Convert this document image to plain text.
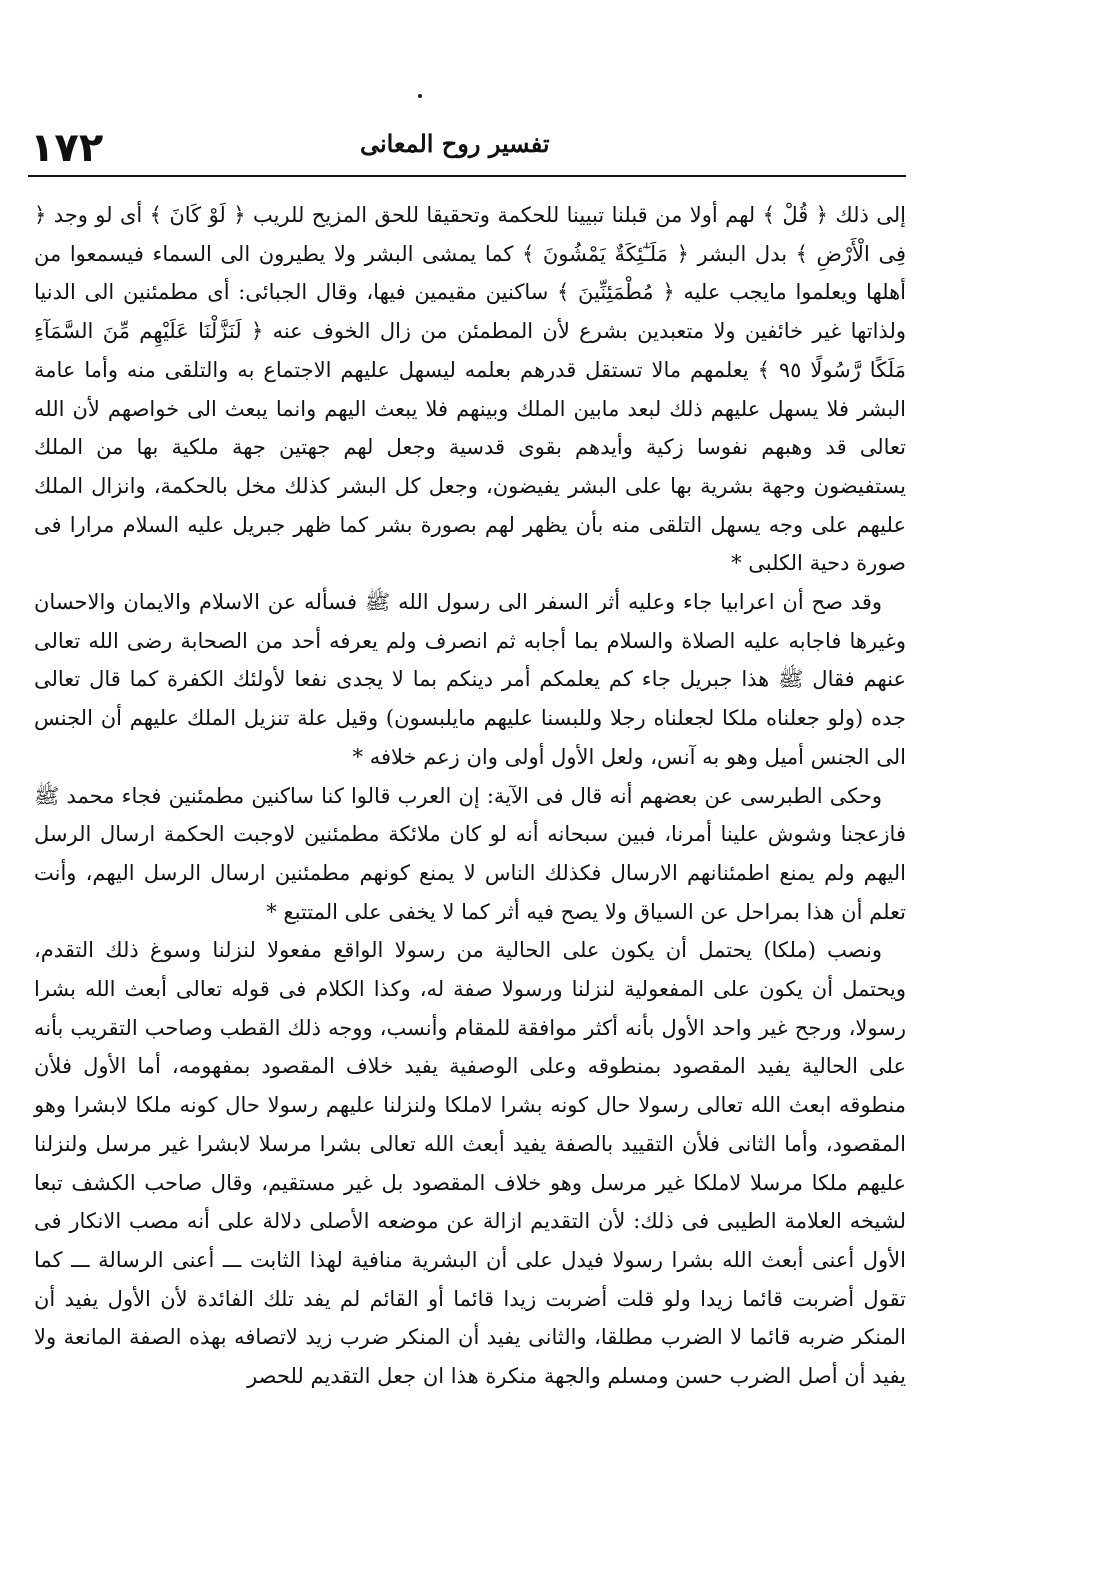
١٧٢	تفسير روح المعانى

إلى ذلك ﴿ قُلْ ﴾ لهم أولا من قبلنا تبيينا للحكمة وتحقيقا للحق المزيح للريب ﴿ لَوْ كَانَ ﴾ أى لو وجد ﴿ فِى الْأَرْضِ ﴾ بدل البشر ﴿ مَلَـٰٓئِكَةٌ يَمْشُونَ ﴾ كما يمشى البشر ولا يطيرون الى السماء فيسمعوا من أهلها ويعلموا مايجب عليه ﴿ مُطْمَئِنِّينَ ﴾ ساكنين مقيمين فيها، وقال الجبائى: أى مطمئنين الى الدنيا ولذاتها غير خائفين ولا متعبدين بشرع لأن المطمئن من زال الخوف عنه ﴿ لَنَزَّلْنَا عَلَيْهِم مِّنَ السَّمَآءِ مَلَكًا رَّسُولًا ٩٥ ﴾ يعلمهم مالا تستقل قدرهم بعلمه ليسهل عليهم الاجتماع به والتلقى منه وأما عامة البشر فلا يسهل عليهم ذلك لبعد مابين الملك وبينهم فلا يبعث اليهم وانما يبعث الى خواصهم لأن الله تعالى قد وهبهم نفوسا زكية وأيدهم بقوى قدسية وجعل لهم جهتين جهة ملكية بها من الملك يستفيضون وجهة بشرية بها على البشر يفيضون، وجعل كل البشر كذلك مخل بالحكمة، وانزال الملك عليهم على وجه يسهل التلقى منه بأن يظهر لهم بصورة بشر كما ظهر جبريل عليه السلام مرارا فى صورة دحية الكلبى *

وقد صح أن اعرابيا جاء وعليه أثر السفر الى رسول الله ﷺ فسأله عن الاسلام والايمان والاحسان وغيرها فاجابه عليه الصلاة والسلام بما أجابه ثم انصرف ولم يعرفه أحد من الصحابة رضى الله تعالى عنهم فقال ﷺ هذا جبريل جاء كم يعلمكم أمر دينكم بما لا يجدى نفعا لأولئك الكفرة كما قال تعالى جده (ولو جعلناه ملكا لجعلناه رجلا وللبسنا عليهم مايلبسون) وقيل علة تنزيل الملك عليهم أن الجنس الى الجنس أميل وهو به آنس، ولعل الأول أولى وان زعم خلافه *

وحكى الطبرسى عن بعضهم أنه قال فى الآية: إن العرب قالوا كنا ساكنين مطمئنين فجاء محمد ﷺ فازعجنا وشوش علينا أمرنا، فبين سبحانه أنه لو كان ملائكة مطمئنين لاوجبت الحكمة ارسال الرسل اليهم ولم يمنع اطمئنانهم الارسال فكذلك الناس لا يمنع كونهم مطمئنين ارسال الرسل اليهم، وأنت تعلم أن هذا بمراحل عن السياق ولا يصح فيه أثر كما لا يخفى على المتتبع *

ونصب (ملكا) يحتمل أن يكون على الحالية من رسولا الواقع مفعولا لنزلنا وسوغ ذلك التقدم، ويحتمل أن يكون على المفعولية لنزلنا ورسولا صفة له، وكذا الكلام فى قوله تعالى أبعث الله بشرا رسولا، ورجح غير واحد الأول بأنه أكثر موافقة للمقام وأنسب، ووجه ذلك القطب وصاحب التقريب بأنه على الحالية يفيد المقصود بمنطوقه وعلى الوصفية يفيد خلاف المقصود بمفهومه، أما الأول فلأن منطوقه ابعث الله تعالى رسولا حال كونه بشرا لاملكا ولنزلنا عليهم رسولا حال كونه ملكا لابشرا وهو المقصود، وأما الثانى فلأن التقييد بالصفة يفيد أبعث الله تعالى بشرا مرسلا لابشرا غير مرسل ولنزلنا عليهم ملكا مرسلا لاملكا غير مرسل وهو خلاف المقصود بل غير مستقيم، وقال صاحب الكشف تبعا لشيخه العلامة الطيبى فى ذلك: لأن التقديم ازالة عن موضعه الأصلى دلالة على أنه مصب الانكار فى الأول أعنى أبعث الله بشرا رسولا فيدل على أن البشرية منافية لهذا الثابت ـــ أعنى الرسالة ـــ كما تقول أضربت قائما زيدا ولو قلت أضربت زيدا قائما أو القائم لم يفد تلك الفائدة لأن الأول يفيد أن المنكر ضربه قائما لا الضرب مطلقا، والثانى يفيد أن المنكر ضرب زيد لاتصافه بهذه الصفة المانعة ولا يفيد أن أصل الضرب حسن ومسلم والجهة منكرة هذا ان جعل التقديم للحصر
